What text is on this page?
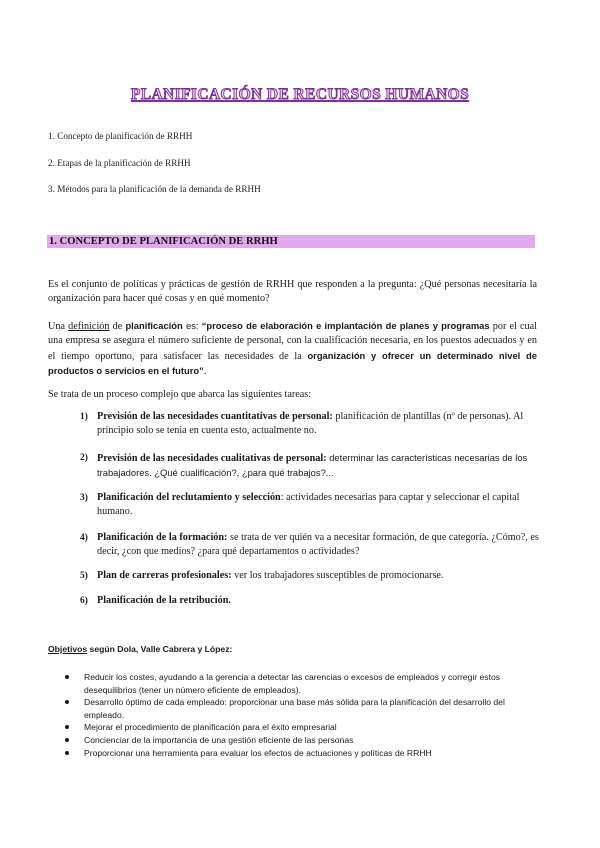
PLANIFICACIÓN DE RECURSOS HUMANOS
1. Concepto de planificación de RRHH
2. Etapas de la planificación de RRHH
3. Métodos para la planificación de la demanda de RRHH
1. CONCEPTO DE PLANIFICACIÓN DE RRHH
Es el conjunto de políticas y prácticas de gestión de RRHH que responden a la pregunta: ¿Qué personas necesitaría la organización para hacer qué cosas y en qué momento?
Una definición de planificación es: “proceso de elaboración e implantación de planes y programas por el cual una empresa se asegura el número suficiente de personal, con la cualificación necesaria, en los puestos adecuados y en el tiempo oportuno, para satisfacer las necesidades de la organización y ofrecer un determinado nivel de productos o servicios en el futuro”.
Se trata de un proceso complejo que abarca las siguientes tareas:
1) Previsión de las necesidades cuantitativas de personal: planificación de plantillas (nº de personas). Al principio solo se tenia en cuenta esto, actualmente no.
2) Previsión de las necesidades cualitativas de personal: determinar las características necesarias de los trabajadores. ¿Qué cualificación?, ¿para qué trabajos?...
3) Planificación del reclutamiento y selección: actividades necesarias para captar y seleccionar el capital humano.
4) Planificación de la formación: se trata de ver quién va a necesitar formación, de que categoría. ¿Cómo?, es decir, ¿con que medios? ¿para qué departamentos o actividades?
5) Plan de carreras profesionales: ver los trabajadores susceptibles de promocionarse.
6) Planificación de la retribución.
Objetivos según Dola, Valle Cabrera y López:
Reducir los costes, ayudando a la gerencia a detectar las carencias o excesos de empleados y corregir estos desequilibrios (tener un número eficiente de empleados).
Desarrollo óptimo de cada empleado: proporcionar una base más sólida para la planificación del desarrollo del empleado.
Mejorar el procedimiento de planificación para el éxito empresarial
Concienciar de la importancia de una gestión eficiente de las personas
Proporcionar una herramienta para evaluar los efectos de actuaciones y políticas de RRHH
